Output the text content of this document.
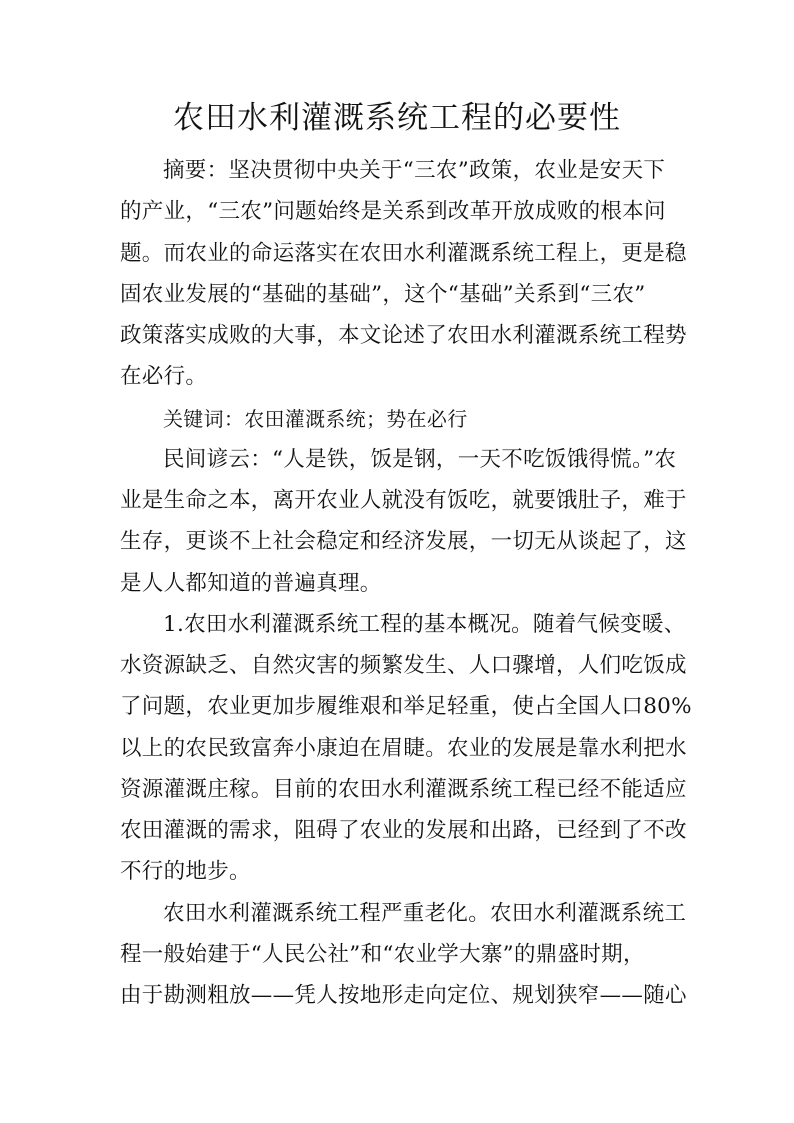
农田水利灌溉系统工程的必要性
摘要：坚决贯彻中央关于“三农”政策，农业是安天下
的产业，“三农”问题始终是关系到改革开放成败的根本问
题。而农业的命运落实在农田水利灌溉系统工程上，更是稳
固农业发展的“基础的基础”，这个“基础”关系到“三农”
政策落实成败的大事，本文论述了农田水利灌溉系统工程势
在必行。
关键词：农田灌溉系统；势在必行
民间谚云：“人是铁，饭是钢，一天不吃饭饿得慌。”农
业是生命之本，离开农业人就没有饭吃，就要饿肚子，难于
生存，更谈不上社会稳定和经济发展，一切无从谈起了，这
是人人都知道的普遍真理。
1.农田水利灌溉系统工程的基本概况。随着气候变暖、
水资源缺乏、自然灾害的频繁发生、人口骤增，人们吃饭成
了问题，农业更加步履维艰和举足轻重，使占全国人口80%
以上的农民致富奔小康迫在眉睫。农业的发展是靠水利把水
资源灌溉庄稼。目前的农田水利灌溉系统工程已经不能适应
农田灌溉的需求，阻碍了农业的发展和出路，已经到了不改
不行的地步。
农田水利灌溉系统工程严重老化。农田水利灌溉系统工
程一般始建于“人民公社”和“农业学大寨”的鼎盛时期，
由于勘测粗放——凭人按地形走向定位、规划狭窄——随心
